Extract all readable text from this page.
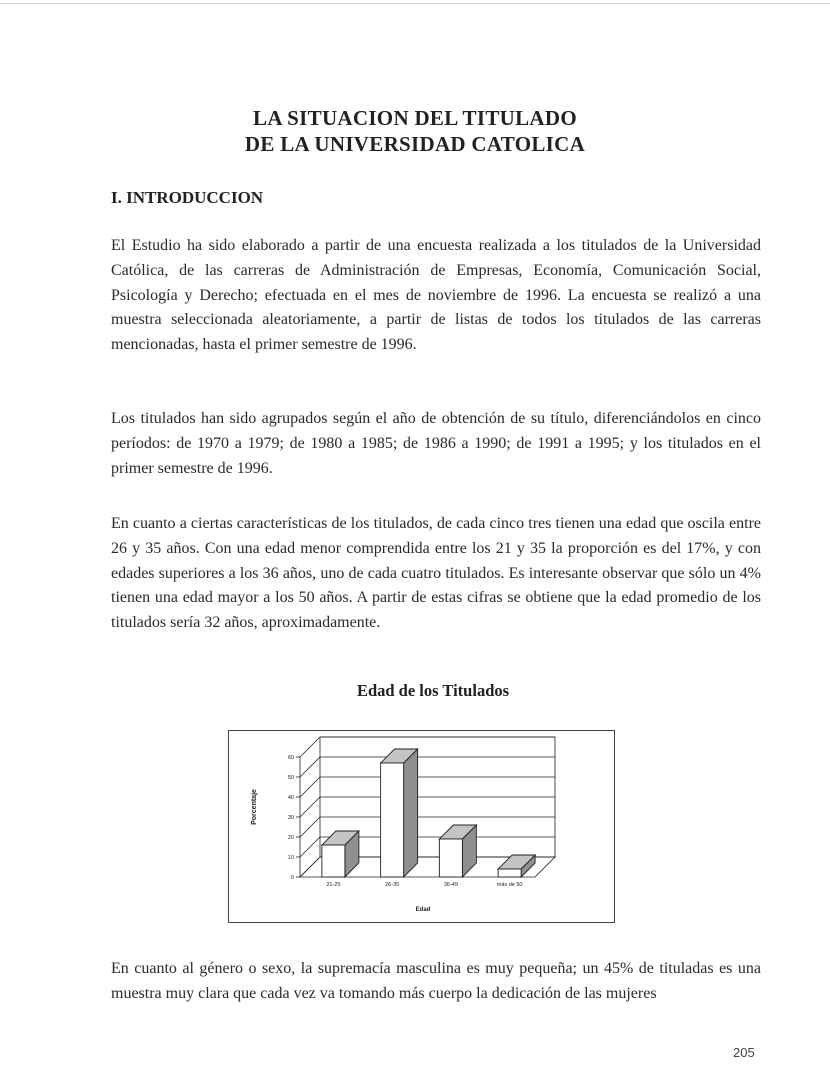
LA SITUACION DEL TITULADO
DE LA UNIVERSIDAD CATOLICA
I. INTRODUCCION

El Estudio ha sido elaborado a partir de una encuesta realizada a los titulados de la Universidad Católica, de las carreras de Administración de Empresas, Economía, Comunicación Social, Psicología y Derecho; efectuada en el mes de noviembre de 1996. La encuesta se realizó a una muestra seleccionada aleatoriamente, a partir de listas de todos los titulados de las carreras mencionadas, hasta el primer semestre de 1996.

Los titulados han sido agrupados según el año de obtención de su título, diferenciándolos en cinco períodos: de 1970 a 1979; de 1980 a 1985; de 1986 a 1990; de 1991 a 1995; y los titulados en el primer semestre de 1996.

En cuanto a ciertas características de los titulados, de cada cinco tres tienen una edad que oscila entre 26 y 35 años. Con una edad menor comprendida entre los 21 y 35 la proporción es del 17%, y con edades superiores a los 36 años, uno de cada cuatro titulados. Es interesante observar que sólo un 4% tienen una edad mayor a los 50 años. A partir de estas cifras se obtiene que la edad promedio de los titulados sería 32 años, aproximadamente.

Edad de los Titulados
0
10
20
30
40
50
60
21-25	26-35	36-49	más de 50
Porcentaje
Edad

En cuanto al género o sexo, la supremacía masculina es muy pequeña; un 45% de tituladas es una muestra muy clara que cada vez va tomando más cuerpo la dedicación de las mujeres

205
